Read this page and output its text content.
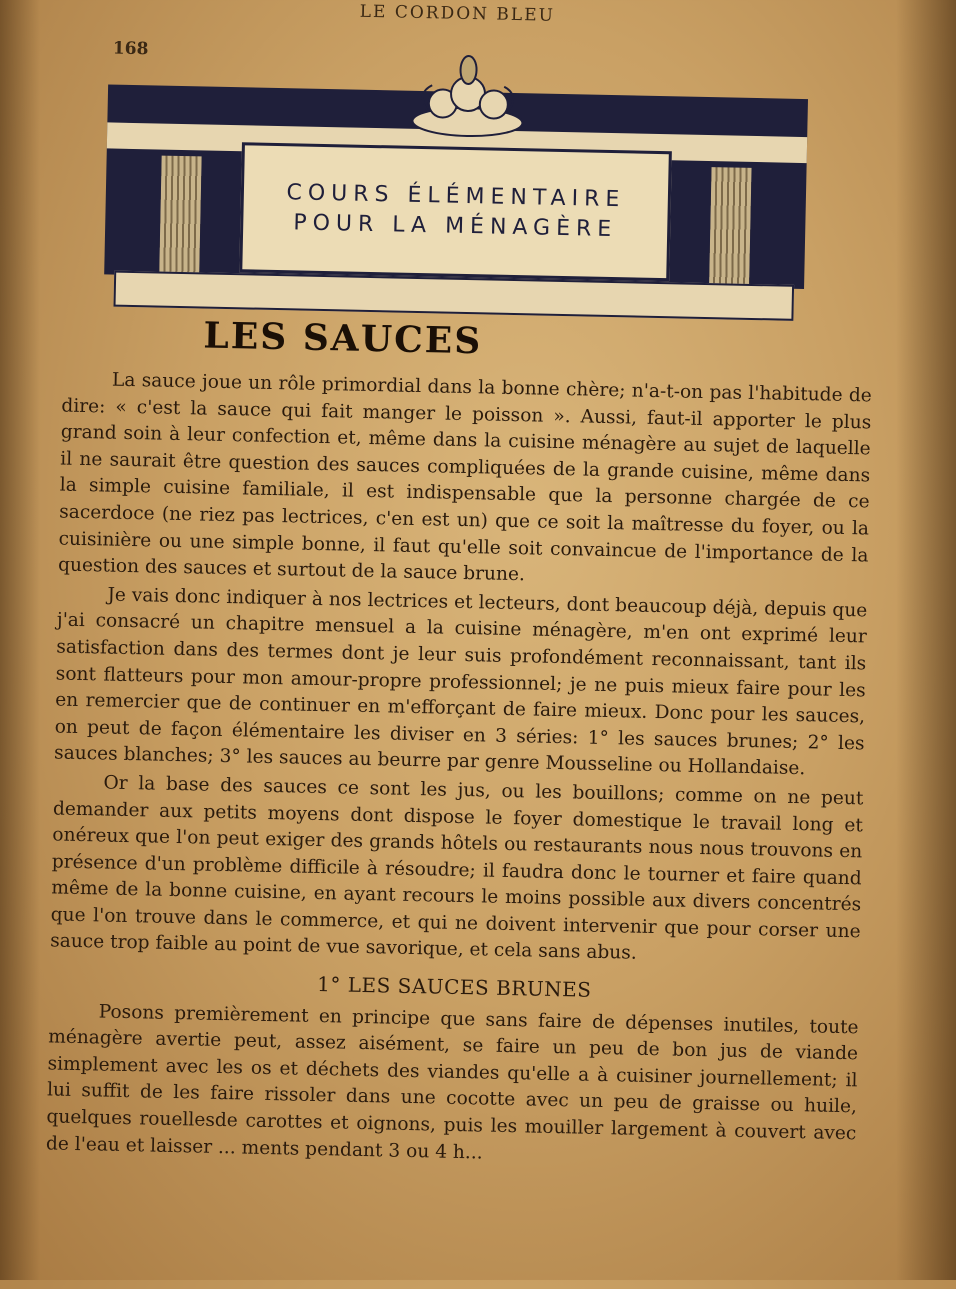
LE CORDON BLEU
168
COURS ÉLÉMENTAIRE
POUR LA MÉNAGÈRE
LES SAUCES

La sauce joue un rôle primordial dans la bonne chère; n'a-t-on pas l'habitude de dire: « c'est la sauce qui fait manger le poisson ». Aussi, faut-il apporter le plus grand soin à leur confection et, même dans la cuisine ménagère au sujet de laquelle il ne saurait être question des sauces compliquées de la grande cuisine, même dans la simple cuisine familiale, il est indispensable que la personne chargée de ce sacerdoce (ne riez pas lectrices, c'en est un) que ce soit la maîtresse du foyer, ou la cuisinière ou une simple bonne, il faut qu'elle soit convaincue de l'importance de la question des sauces et surtout de la sauce brune.

Je vais donc indiquer à nos lectrices et lecteurs, dont beaucoup déjà, depuis que j'ai consacré un chapitre mensuel a la cuisine ménagère, m'en ont exprimé leur satisfaction dans des termes dont je leur suis profondément reconnaissant, tant ils sont flatteurs pour mon amour-propre professionnel; je ne puis mieux faire pour les en remercier que de continuer en m'efforçant de faire mieux. Donc pour les sauces, on peut de façon élémentaire les diviser en 3 séries: 1° les sauces brunes; 2° les sauces blanches; 3° les sauces au beurre par genre Mousseline ou Hollandaise.

Or la base des sauces ce sont les jus, ou les bouillons; comme on ne peut demander aux petits moyens dont dispose le foyer domestique le travail long et onéreux que l'on peut exiger des grands hôtels ou restaurants nous nous trouvons en présence d'un problème difficile à résoudre; il faudra donc le tourner et faire quand même de la bonne cuisine, en ayant recours le moins possible aux divers concentrés que l'on trouve dans le commerce, et qui ne doivent intervenir que pour corser une sauce trop faible au point de vue savorique, et cela sans abus.

1° LES SAUCES BRUNES

Posons premièrement en principe que sans faire de dépenses inutiles, toute ménagère avertie peut, assez aisément, se faire un peu de bon jus de viande simplement avec les os et déchets des viandes qu'elle a à cuisiner journellement; il lui suffit de les faire rissoler dans une cocotte avec un peu de graisse ou huile, quelques rouellesde carottes et oignons, puis les mouiller largement à couvert avec de l'eau et laisser ... ments pendant 3 ou 4 h...
